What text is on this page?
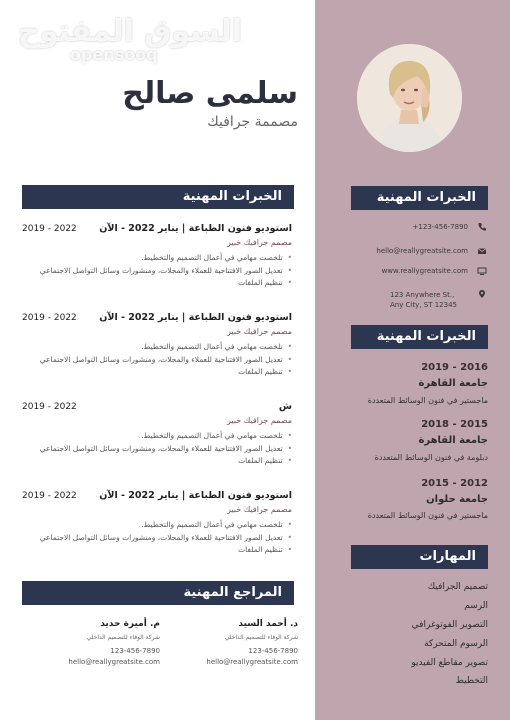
السوق المفتوح
opensooq
سلمى صالح
مصممة جرافيك
الخبرات المهنية
+123-456-7890
hello@reallygreatsite.com
www.reallygreatsite.com
123 Anywhere St., Any City, ST 12345
الخبرات المهنية
2016 - 2019
جامعة القاهرة
ماجستير في فنون الوسائط المتعددة
2015 - 2018
جامعة القاهرة
دبلومة في فنون الوسائط المتعددة
2012 - 2015
جامعة حلوان
ماجستير في فنون الوسائط المتعددة
المهارات
تصميم الجرافيك
الرسم
التصوير الفوتوغرافي
الرسوم المتحركة
تصوير مقاطع الفيديو
التخطيط
الخبرات المهنية
استوديو فنون الطباعة | يناير 2022 - الآن
2019 - 2022
مصمم جرافيك خبير
• تلخصت مهامي في أعمال التصميم والتخطيط.
• تعديل الصور الافتتاحية للعملاء والمجلات، ومنشورات وسائل التواصل الاجتماعي
• تنظيم الملفات
استوديو فنون الطباعة | يناير 2022 - الآن
2019 - 2022
مصمم جرافيك خبير
• تلخصت مهامي في أعمال التصميم والتخطيط.
• تعديل الصور الافتتاحية للعملاء والمجلات، ومنشورات وسائل التواصل الاجتماعي
• تنظيم الملفات
ش
2019 - 2022
مصمم جرافيك خبير
• تلخصت مهامي في أعمال التصميم والتخطيط.
• تعديل الصور الافتتاحية للعملاء والمجلات، ومنشورات وسائل التواصل الاجتماعي
• تنظيم الملفات
استوديو فنون الطباعة | يناير 2022 - الآن
2019 - 2022
مصمم جرافيك خبير
• تلخصت مهامي في أعمال التصميم والتخطيط.
• تعديل الصور الافتتاحية للعملاء والمجلات، ومنشورات وسائل التواصل الاجتماعي
• تنظيم الملفات
المراجع المهنية
د. أحمد السيد
شركة الوفاء للتصميم الداخلي
123-456-7890
hello@reallygreatsite.com
م. أميرة حديد
شركة الوفاء للتصميم الداخلي
123-456-7890
hello@reallygreatsite.com
